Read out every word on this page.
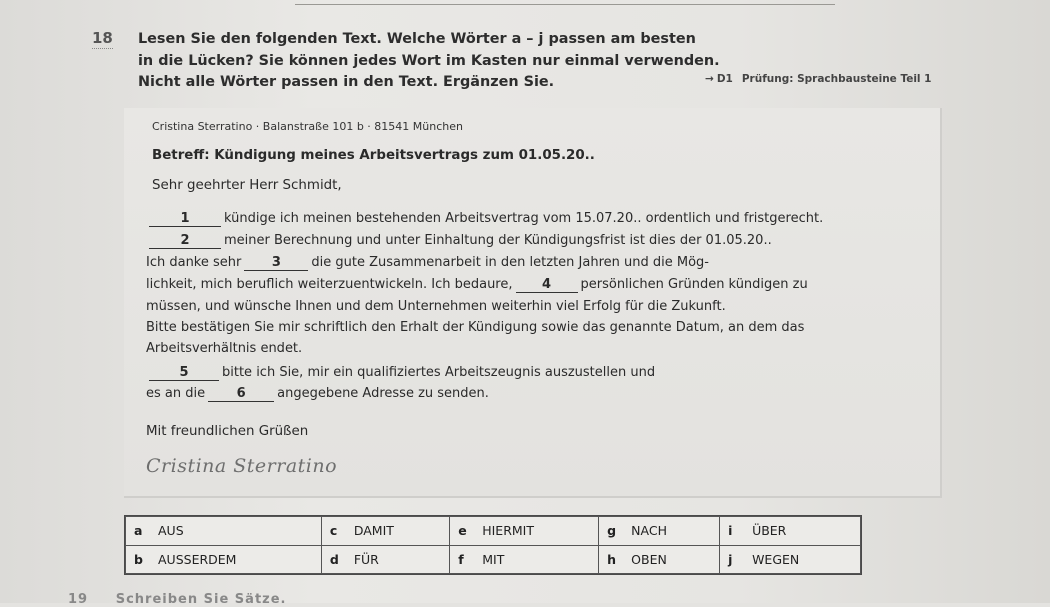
18 Lesen Sie den folgenden Text. Welche Wörter a – j passen am besten
in die Lücken? Sie können jedes Wort im Kasten nur einmal verwenden.
Nicht alle Wörter passen in den Text. Ergänzen Sie.	→ D1 Prüfung: Sprachbausteine Teil 1
Cristina Sterratino · Balanstraße 101 b · 81541 München
Betreff: Kündigung meines Arbeitsvertrags zum 01.05.20..
Sehr geehrter Herr Schmidt,
1	kündige ich meinen bestehenden Arbeitsvertrag vom 15.07.20.. ordentlich und fristgerecht.
2	meiner Berechnung und unter Einhaltung der Kündigungsfrist ist dies der 01.05.20..
Ich danke sehr 3 die gute Zusammenarbeit in den letzten Jahren und die Mög-
lichkeit, mich beruflich weiterzuentwickeln. Ich bedaure, 4 persönlichen Gründen kündigen zu
müssen, und wünsche Ihnen und dem Unternehmen weiterhin viel Erfolg für die Zukunft.
Bitte bestätigen Sie mir schriftlich den Erhalt der Kündigung sowie das genannte Datum, an dem das
Arbeitsverhältnis endet.
5	bitte ich Sie, mir ein qualifiziertes Arbeitszeugnis auszustellen und
es an die 6 angegebene Adresse zu senden.
Mit freundlichen Grüßen
Cristina Sterratino
a AUS	c DAMIT	e HIERMIT	g NACH	i ÜBER
b AUSSERDEM	d FÜR	f MIT	h OBEN	j WEGEN
19 Schreiben Sie Sätze.
